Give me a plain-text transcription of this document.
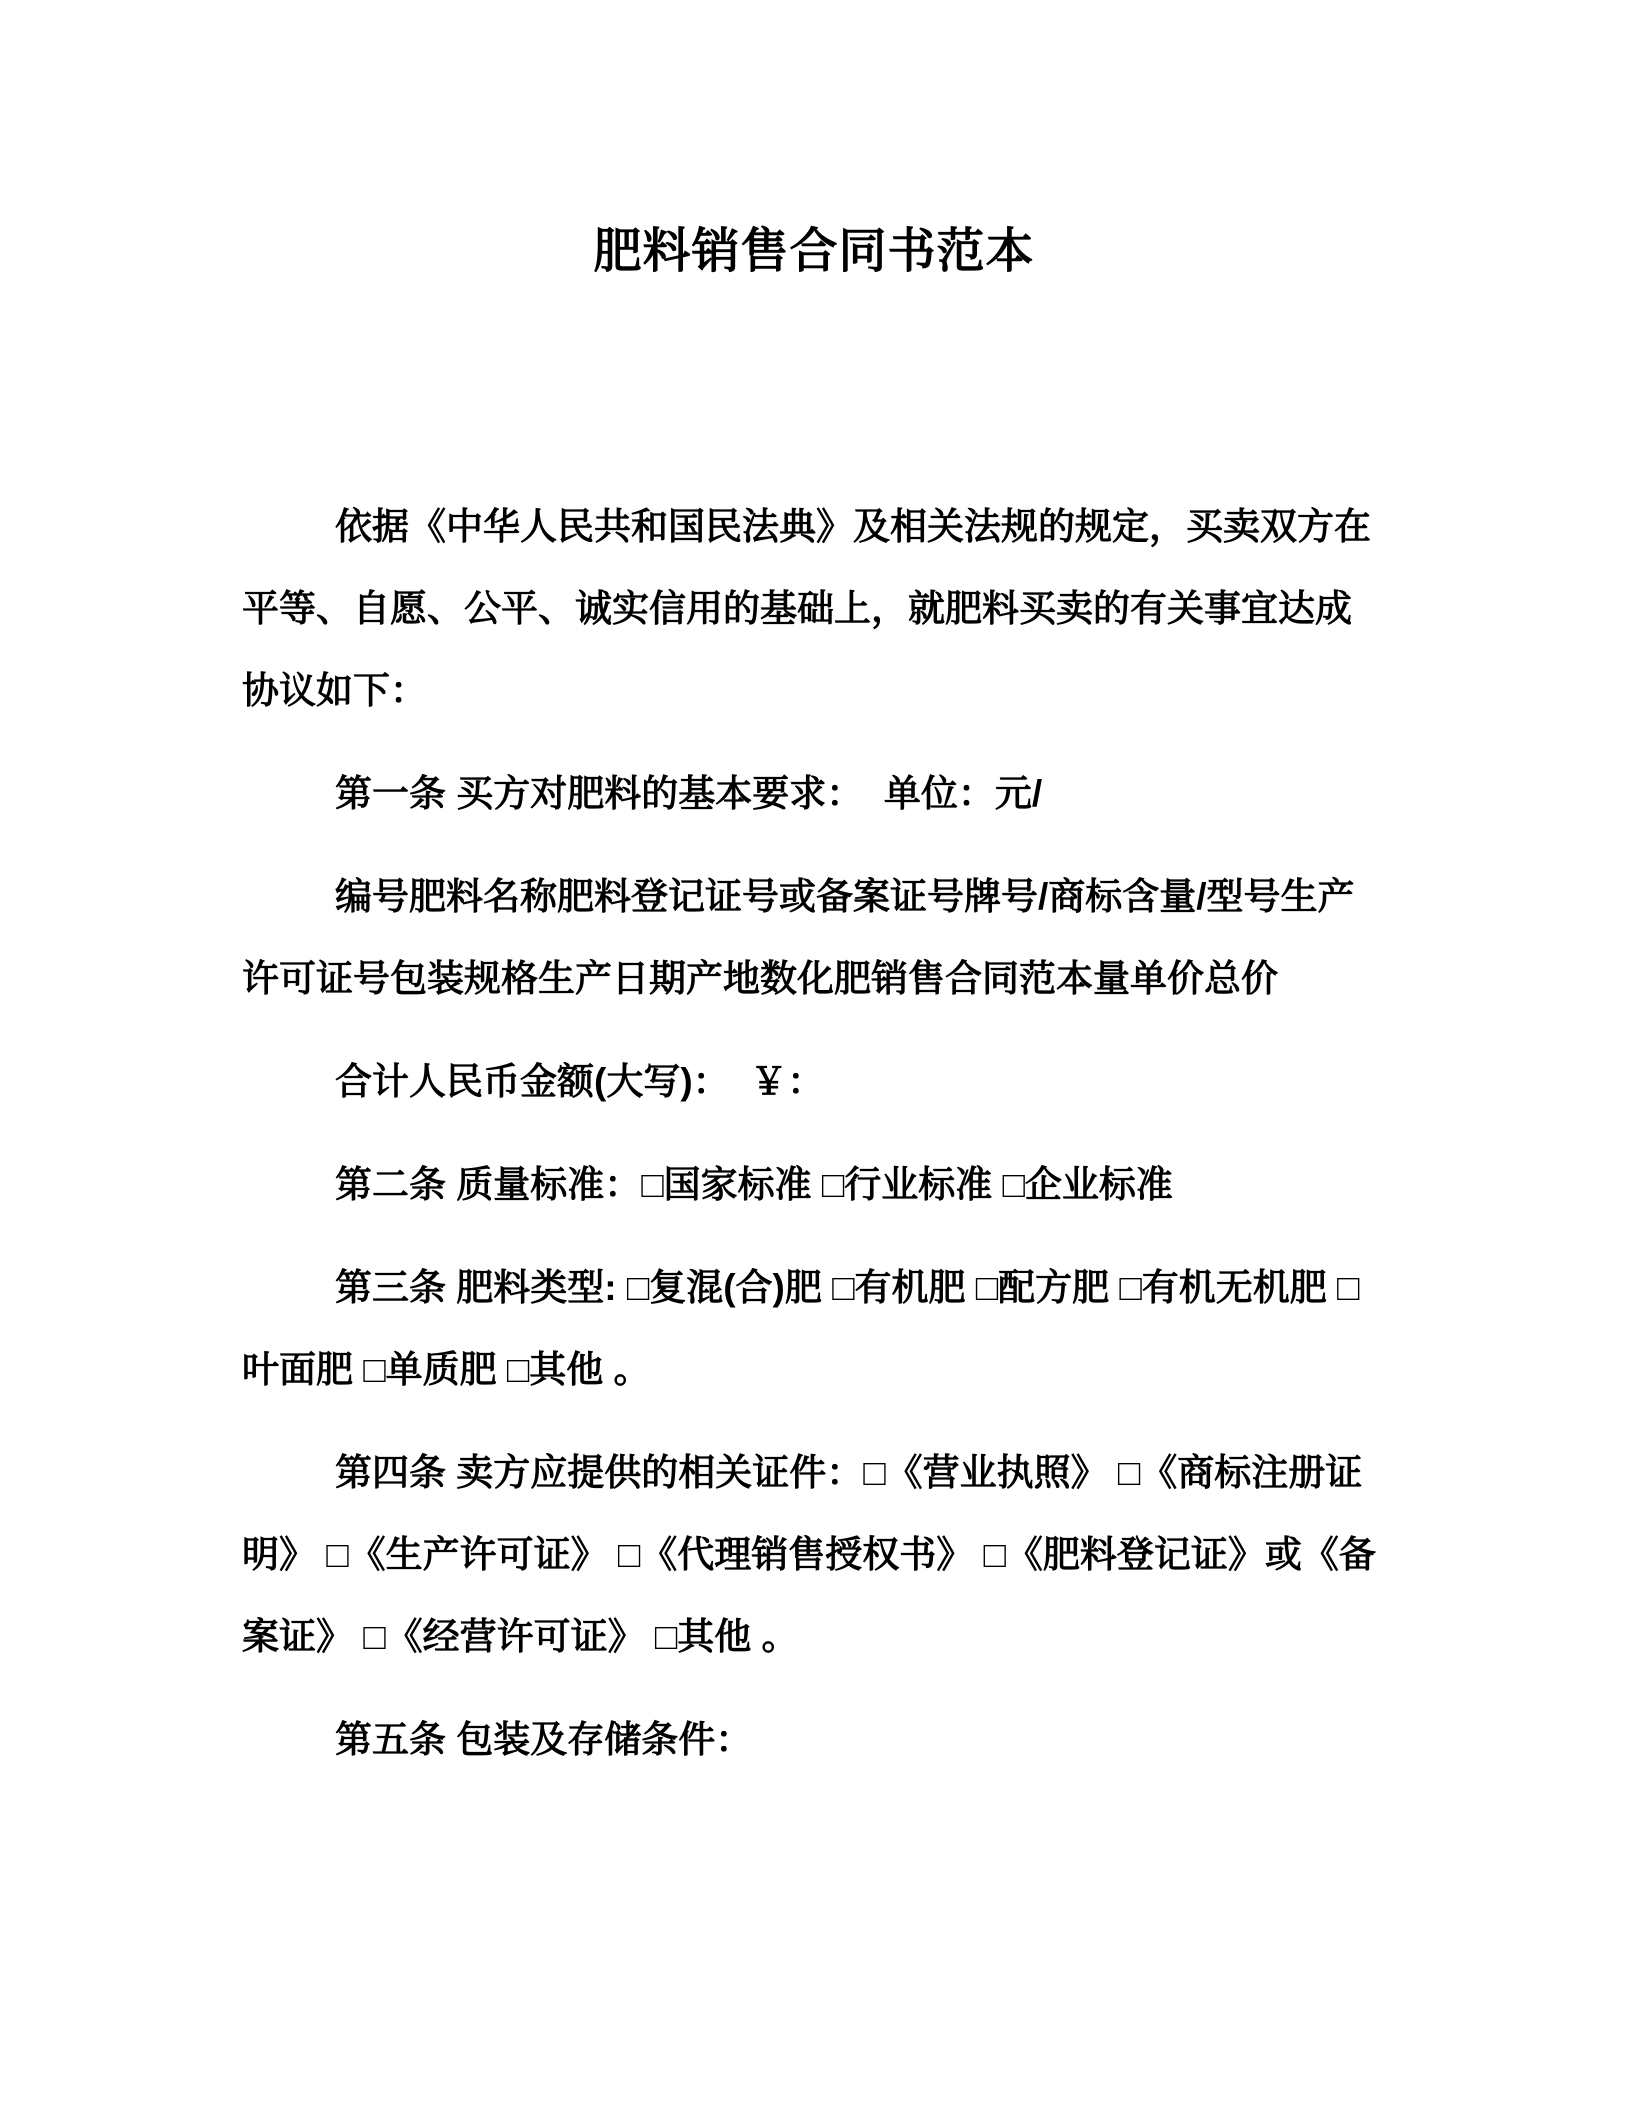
肥料销售合同书范本

依据《中华人民共和国民法典》及相关法规的规定，买卖双方在平等、自愿、公平、诚实信用的基础上，就肥料买卖的有关事宜达成协议如下：

第一条 买方对肥料的基本要求：  单位：元/

编号肥料名称肥料登记证号或备案证号牌号/商标含量/型号生产许可证号包装规格生产日期产地数化肥销售合同范本量单价总价

合计人民币金额(大写)：  ￥：

第二条 质量标准：□国家标准 □行业标准 □企业标准

第三条 肥料类型: □复混(合)肥 □有机肥 □配方肥 □有机无机肥 □叶面肥 □单质肥 □其他 。

第四条 卖方应提供的相关证件：□《营业执照》 □《商标注册证明》 □《生产许可证》 □《代理销售授权书》 □《肥料登记证》或《备案证》 □《经营许可证》 □其他 。

第五条 包装及存储条件：
